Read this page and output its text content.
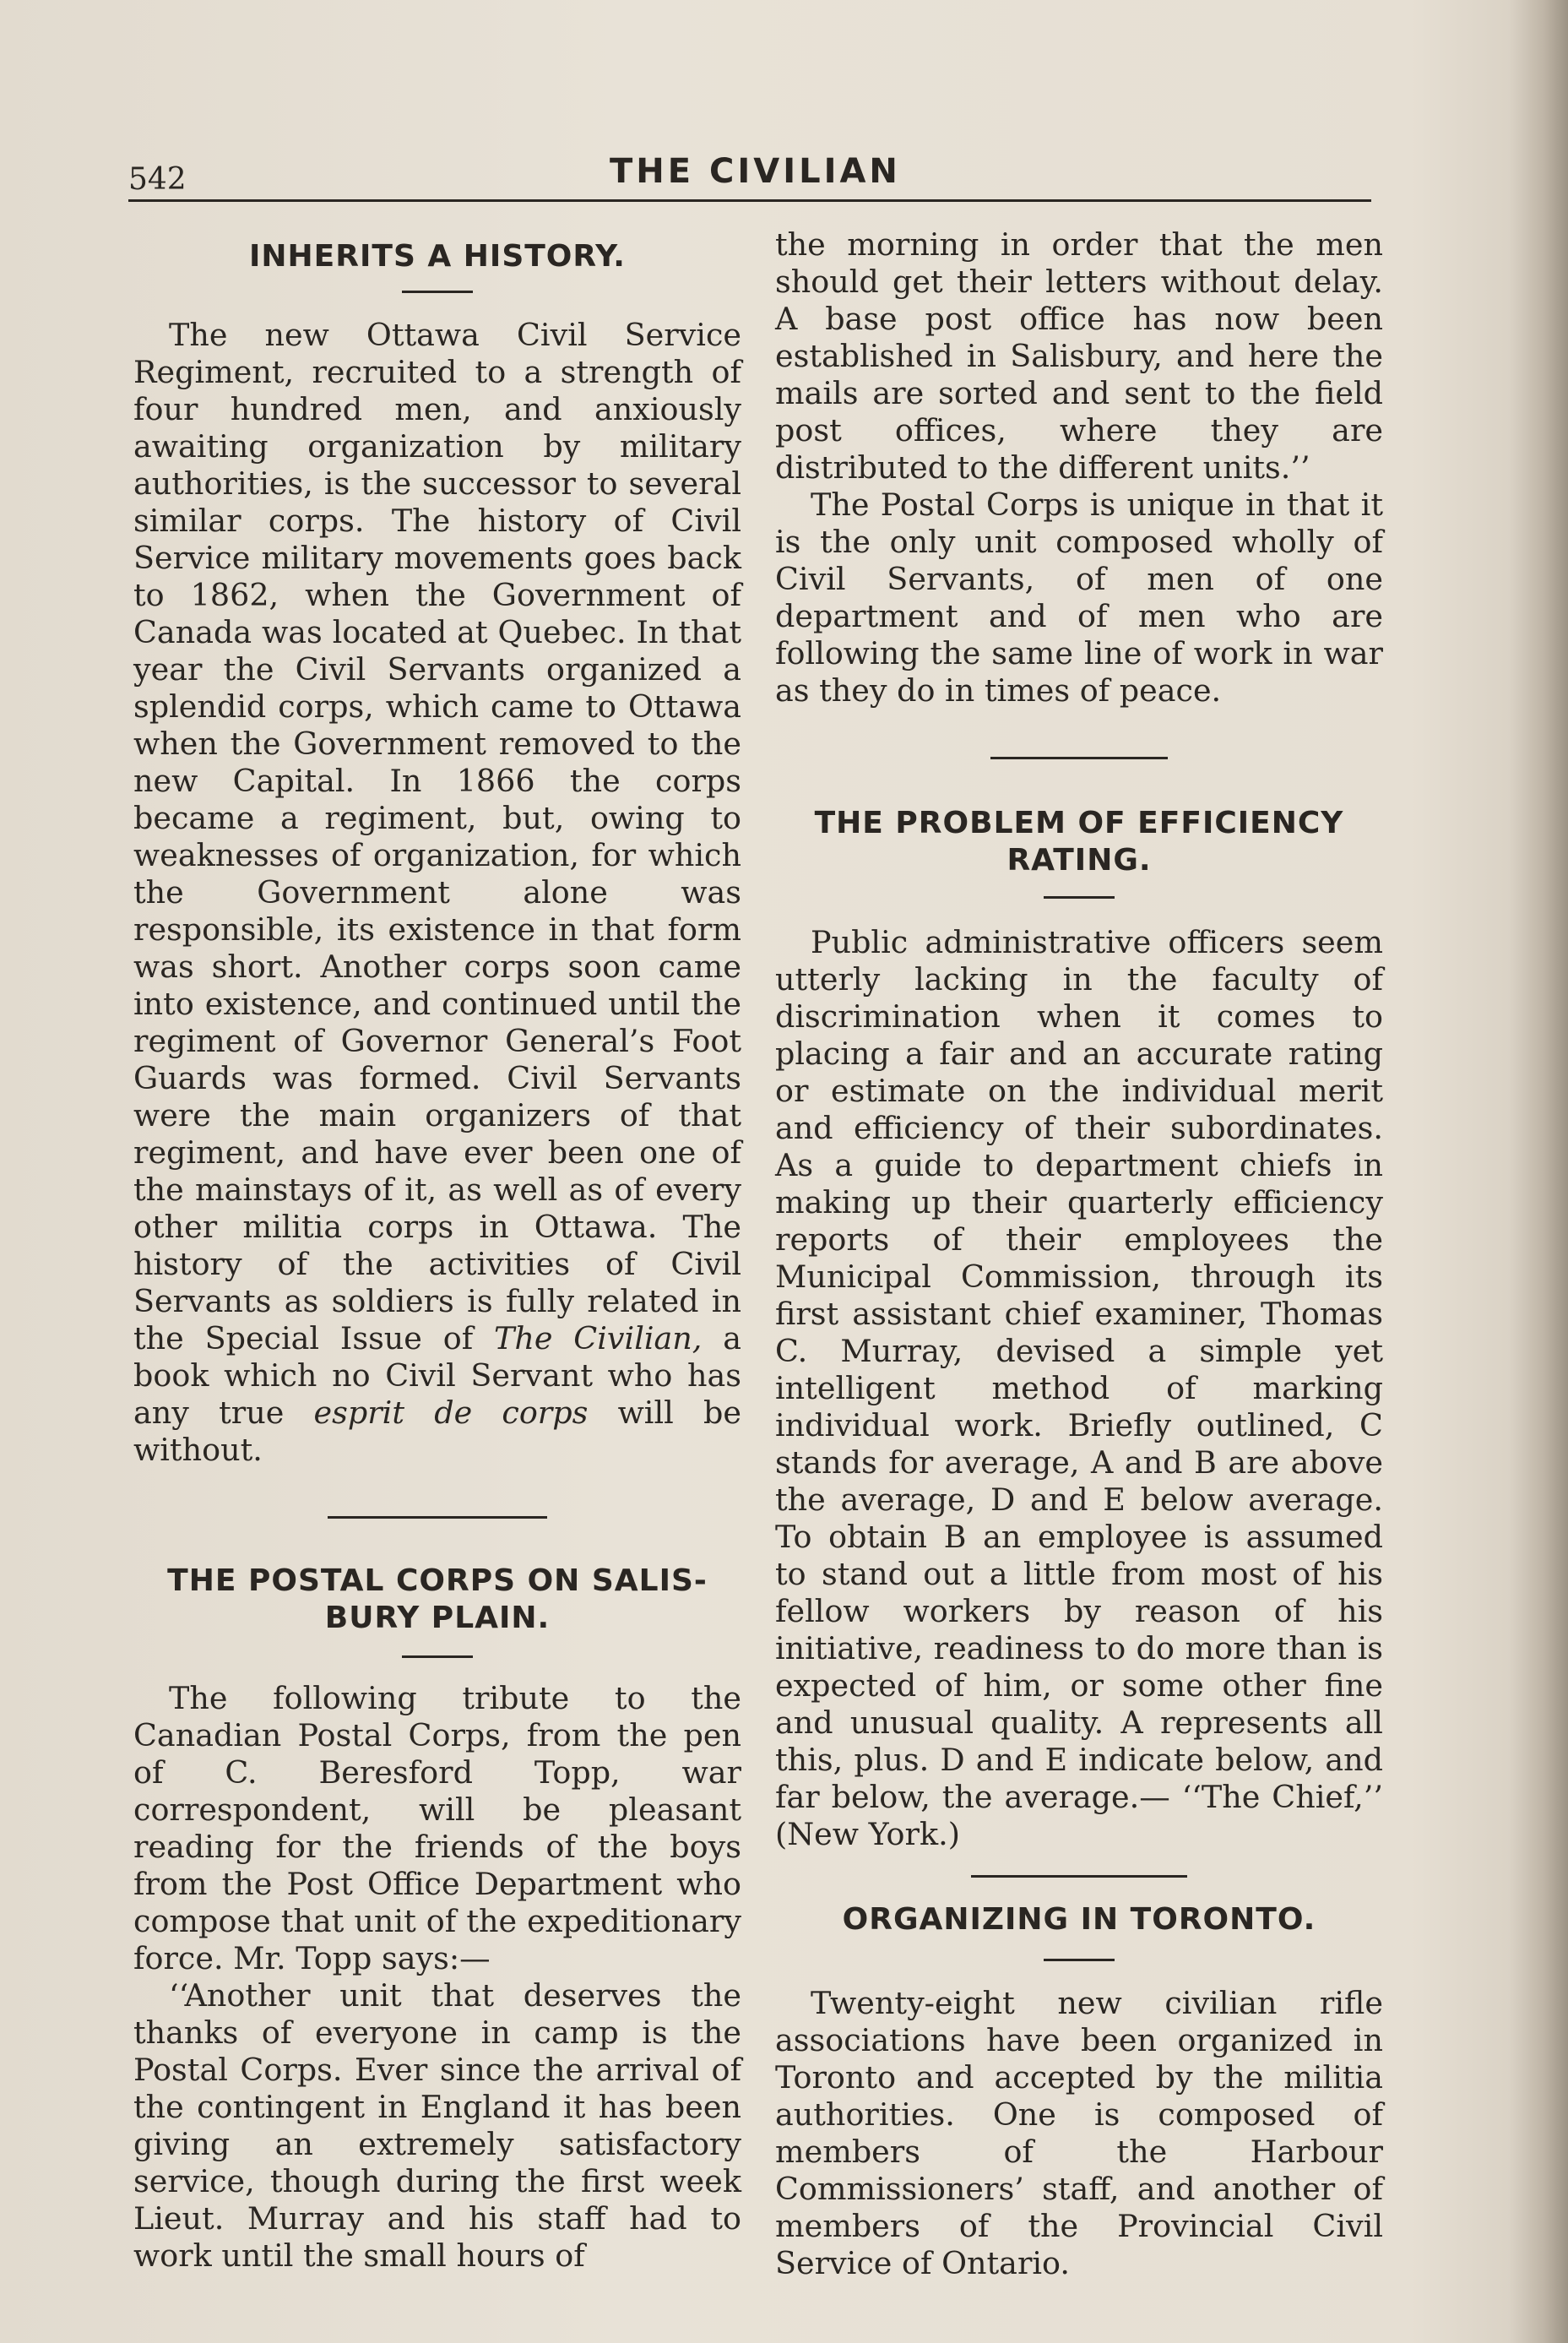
542	THE CIVILIAN
INHERITS A HISTORY.

The new Ottawa Civil Service Regiment, recruited to a strength of four hundred men, and anxiously awaiting organization by military authorities, is the successor to several similar corps. The history of Civil Service military movements goes back to 1862, when the Government of Canada was located at Quebec. In that year the Civil Servants organized a splendid corps, which came to Ottawa when the Government removed to the new Capital. In 1866 the corps became a regiment, but, owing to weaknesses of organization, for which the Government alone was responsible, its existence in that form was short. Another corps soon came into existence, and continued until the regiment of Governor General’s Foot Guards was formed. Civil Servants were the main organizers of that regiment, and have ever been one of the mainstays of it, as well as of every other militia corps in Ottawa. The history of the activities of Civil Servants as soldiers is fully related in the Special Issue of The Civilian, a book which no Civil Servant who has any true esprit de corps will be without.

THE POSTAL CORPS ON SALIS-
BURY PLAIN.

The following tribute to the Canadian Postal Corps, from the pen of C. Beresford Topp, war correspondent, will be pleasant reading for the friends of the boys from the Post Office Department who compose that unit of the expeditionary force. Mr. Topp says:—

‘‘Another unit that deserves the thanks of everyone in camp is the Postal Corps. Ever since the arrival of the contingent in England it has been giving an extremely satisfactory service, though during the first week Lieut. Murray and his staff had to work until the small hours of

the morning in order that the men should get their letters without delay. A base post office has now been established in Salisbury, and here the mails are sorted and sent to the field post offices, where they are distributed to the different units.’’

The Postal Corps is unique in that it is the only unit composed wholly of Civil Servants, of men of one department and of men who are following the same line of work in war as they do in times of peace.

THE PROBLEM OF EFFICIENCY
RATING.

Public administrative officers seem utterly lacking in the faculty of discrimination when it comes to placing a fair and an accurate rating or estimate on the individual merit and efficiency of their subordinates. As a guide to department chiefs in making up their quarterly efficiency reports of their employees the Municipal Commission, through its first assistant chief examiner, Thomas C. Murray, devised a simple yet intelligent method of marking individual work. Briefly outlined, C stands for average, A and B are above the average, D and E below average. To obtain B an employee is assumed to stand out a little from most of his fellow workers by reason of his initiative, readiness to do more than is expected of him, or some other fine and unusual quality. A represents all this, plus. D and E indicate below, and far below, the average.— ‘‘The Chief,’’ (New York.)

ORGANIZING IN TORONTO.

Twenty-eight new civilian rifle associations have been organized in Toronto and accepted by the militia authorities. One is composed of members of the Harbour Commissioners’ staff, and another of members of the Provincial Civil Service of Ontario.
